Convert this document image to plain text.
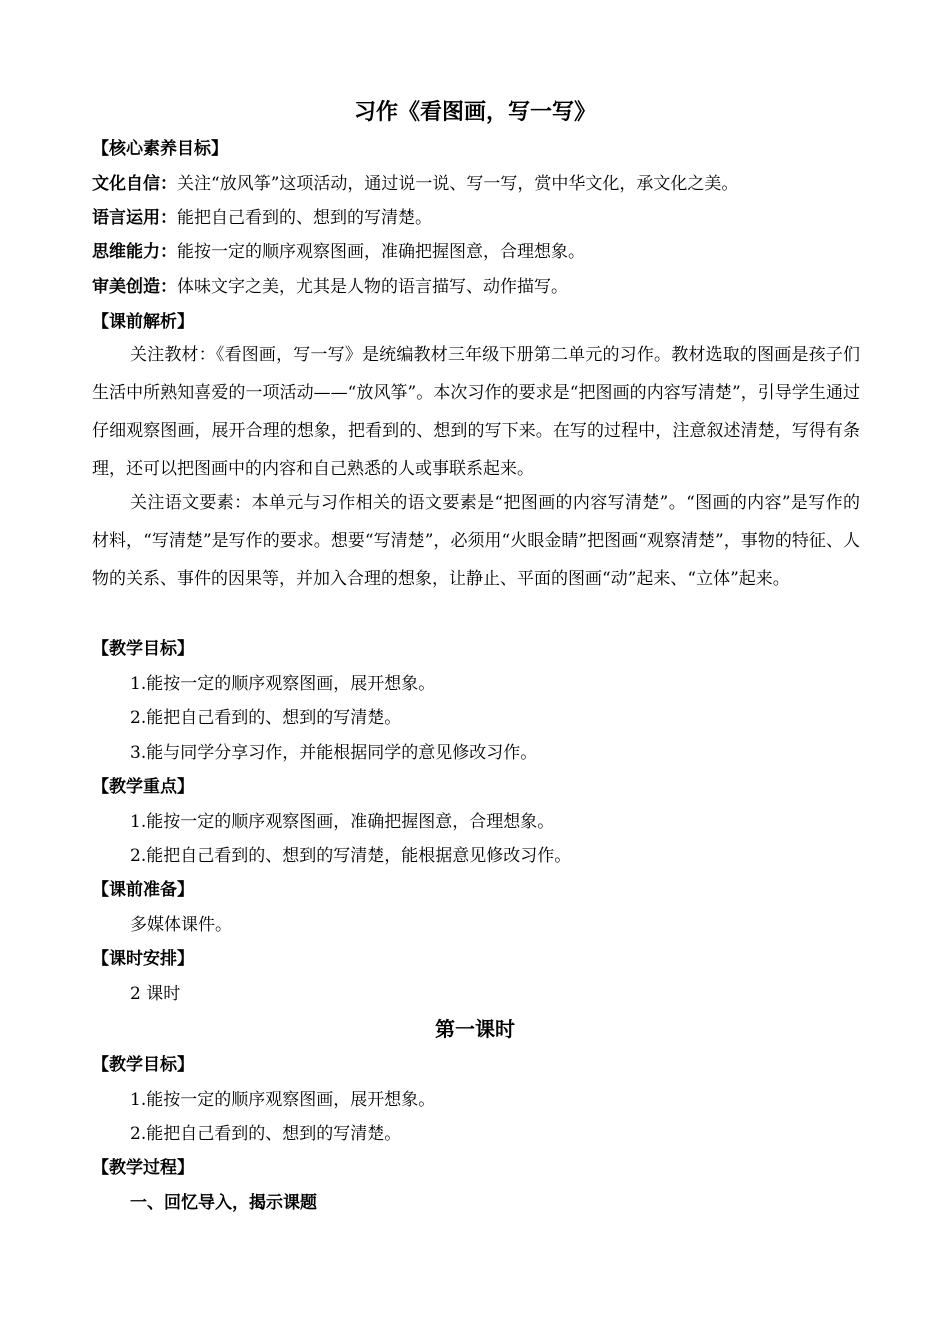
习作《看图画，写一写》
【核心素养目标】
文化自信：关注“放风筝”这项活动，通过说一说、写一写，赏中华文化，承文化之美。
语言运用：能把自己看到的、想到的写清楚。
思维能力：能按一定的顺序观察图画，准确把握图意，合理想象。
审美创造：体味文字之美，尤其是人物的语言描写、动作描写。
【课前解析】
关注教材：《看图画，写一写》是统编教材三年级下册第二单元的习作。教材选取的图画是孩子们生活中所熟知喜爱的一项活动——“放风筝”。本次习作的要求是“把图画的内容写清楚”，引导学生通过仔细观察图画，展开合理的想象，把看到的、想到的写下来。在写的过程中，注意叙述清楚，写得有条理，还可以把图画中的内容和自己熟悉的人或事联系起来。
关注语文要素：本单元与习作相关的语文要素是“把图画的内容写清楚”。“图画的内容”是写作的材料，“写清楚”是写作的要求。想要“写清楚”，必须用“火眼金睛”把图画“观察清楚”，事物的特征、人物的关系、事件的因果等，并加入合理的想象，让静止、平面的图画“动”起来、“立体”起来。
【教学目标】
1.能按一定的顺序观察图画，展开想象。
2.能把自己看到的、想到的写清楚。
3.能与同学分享习作，并能根据同学的意见修改习作。
【教学重点】
1.能按一定的顺序观察图画，准确把握图意，合理想象。
2.能把自己看到的、想到的写清楚，能根据意见修改习作。
【课前准备】
多媒体课件。
【课时安排】
2 课时
第一课时
【教学目标】
1.能按一定的顺序观察图画，展开想象。
2.能把自己看到的、想到的写清楚。
【教学过程】
一、回忆导入，揭示课题
